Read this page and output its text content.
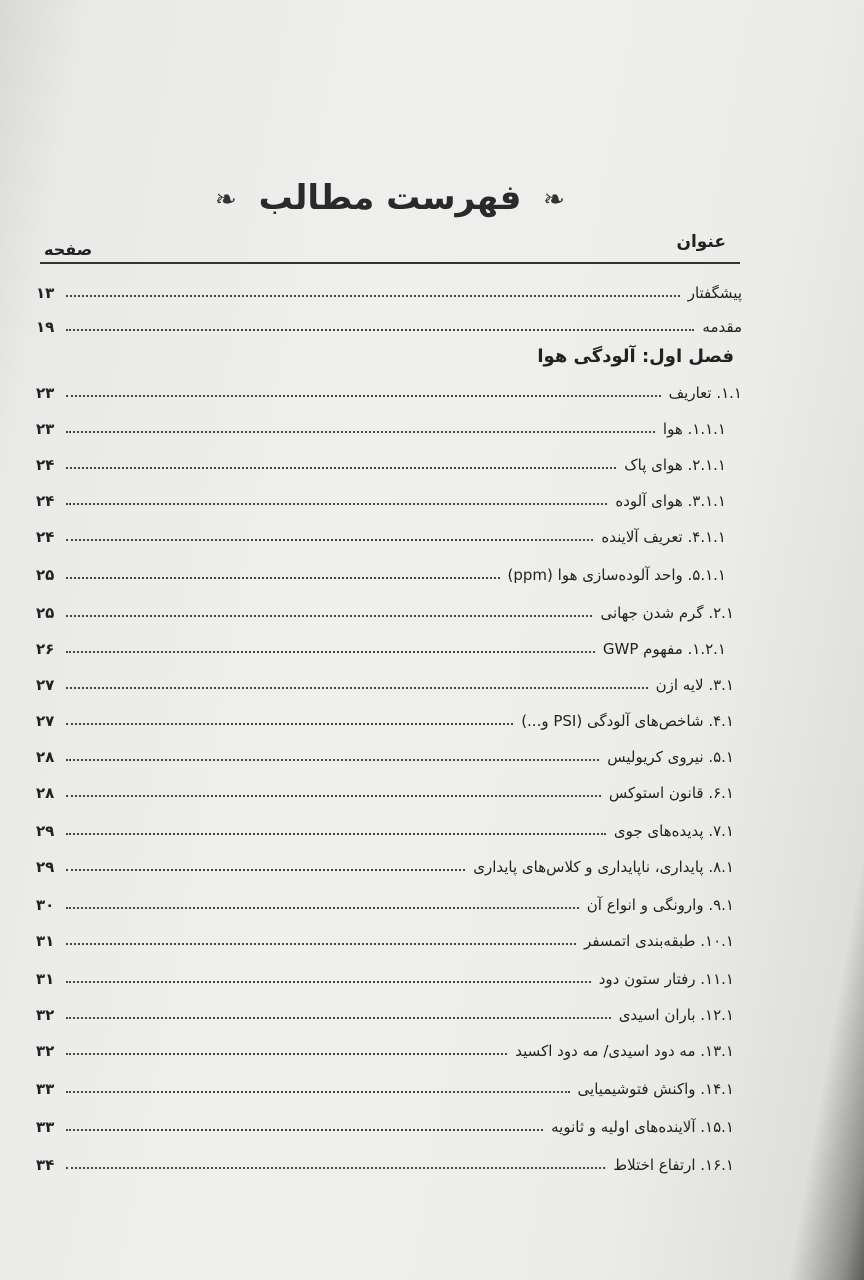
❧ فهرست مطالب ❧
عنوان
صفحه
فصل اول: آلودگی هوا
۱۳	پیشگفتار
۱۹	مقدمه
۲۳	۱.۱. تعاریف
۲۳	۱.۱.۱. هوا
۲۴	۲.۱.۱. هوای پاک
۲۴	۳.۱.۱. هوای آلوده
۲۴	۴.۱.۱. تعریف آلاینده
۲۵	۵.۱.۱. واحد آلوده‌سازی هوا (ppm)
۲۵	۲.۱. گرم شدن جهانی
۲۶	۱.۲.۱. مفهوم GWP
۲۷	۳.۱. لایه ازن
۲۷	۴.۱. شاخص‌های آلودگی (PSI و...)
۲۸	۵.۱. نیروی کریولیس
۲۸	۶.۱. قانون استوکس
۲۹	۷.۱. پدیده‌های جوی
۲۹	۸.۱. پایداری، ناپایداری و کلاس‌های پایداری
۳۰	۹.۱. وارونگی و انواع آن
۳۱	۱۰.۱. طبقه‌بندی اتمسفر
۳۱	۱۱.۱. رفتار ستون دود
۳۲	۱۲.۱. باران اسیدی
۳۲	۱۳.۱. مه دود اسیدی/ مه دود اکسید
۳۳	۱۴.۱. واکنش فتوشیمیایی
۳۳	۱۵.۱. آلاینده‌های اولیه و ثانویه
۳۴	۱۶.۱. ارتفاع اختلاط
